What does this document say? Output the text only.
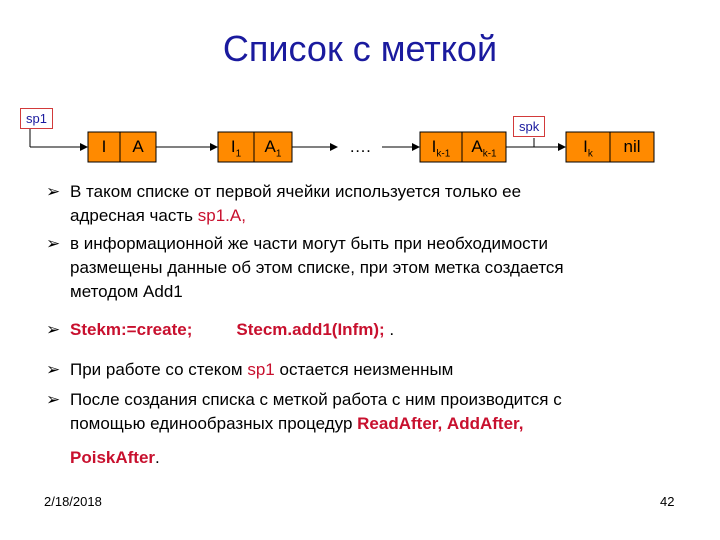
Список с меткой
sp1
spk
I	A	$I_1$	$A_1$	….	$I_{k-1}$	$A_{k-1}$	$I_k$	nil
➢ В таком списке от первой ячейки используется только ее
адресная часть sp1.A,
➢ в информационной же части могут быть при необходимости
размещены данные об этом списке, при этом метка создается
методом Add1
➢ Stekm:=create;	Stecm.add1(Infm); .
➢ При работе со стеком sp1 остается неизменным
➢ После создания списка с меткой работа с ним производится с
помощью единообразных процедур ReadAfter, AddAfter,
PoiskAfter.
2/18/2018	42
